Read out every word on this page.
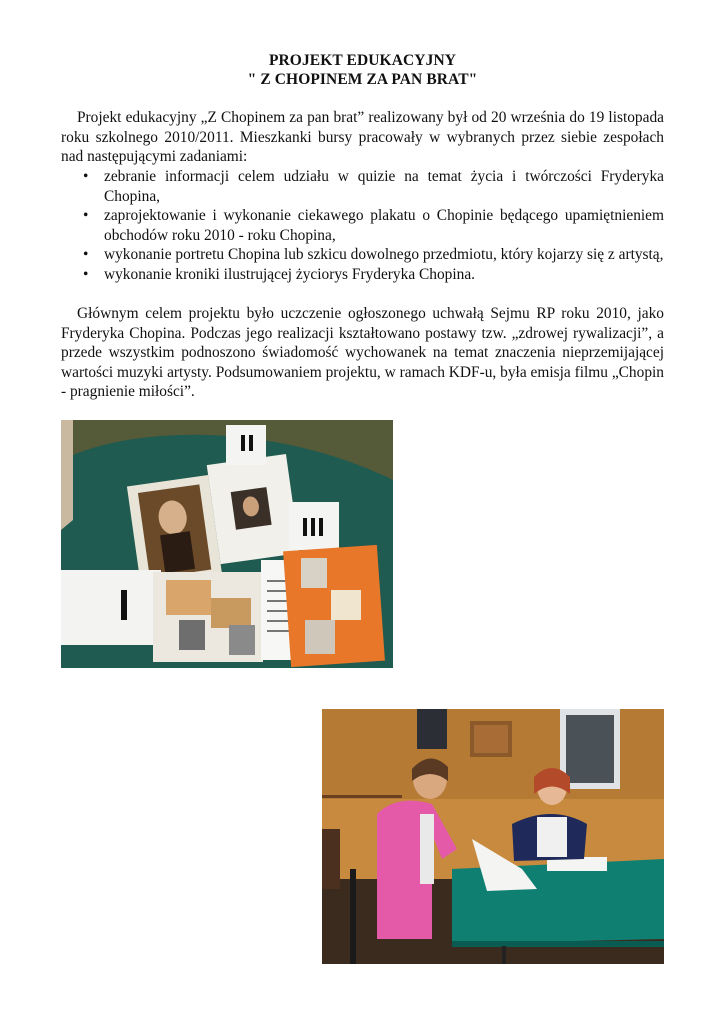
PROJEKT EDUKACYJNY
" Z CHOPINEM ZA PAN BRAT"

Projekt edukacyjny „Z Chopinem za pan brat” realizowany był od 20 września do 19 listopada roku szkolnego 2010/2011. Mieszkanki bursy pracowały w wybranych przez siebie zespołach nad następującymi zadaniami:

• zebranie informacji celem udziału w quizie na temat życia i twórczości Fryderyka Chopina,
• zaprojektowanie i wykonanie ciekawego plakatu o Chopinie będącego upamiętnieniem obchodów roku 2010 - roku Chopina,
• wykonanie portretu Chopina lub szkicu dowolnego przedmiotu, który kojarzy się z artystą,
• wykonanie kroniki ilustrującej życiorys Fryderyka Chopina.

Głównym celem projektu było uczczenie ogłoszonego uchwałą Sejmu RP roku 2010, jako Fryderyka Chopina. Podczas jego realizacji kształtowano postawy tzw. „zdrowej rywalizacji”, a przede wszystkim podnoszono świadomość wychowanek na temat znaczenia nieprzemijającej wartości muzyki artysty. Podsumowaniem projektu, w ramach KDF-u, była emisja filmu „Chopin - pragnienie miłości”.
